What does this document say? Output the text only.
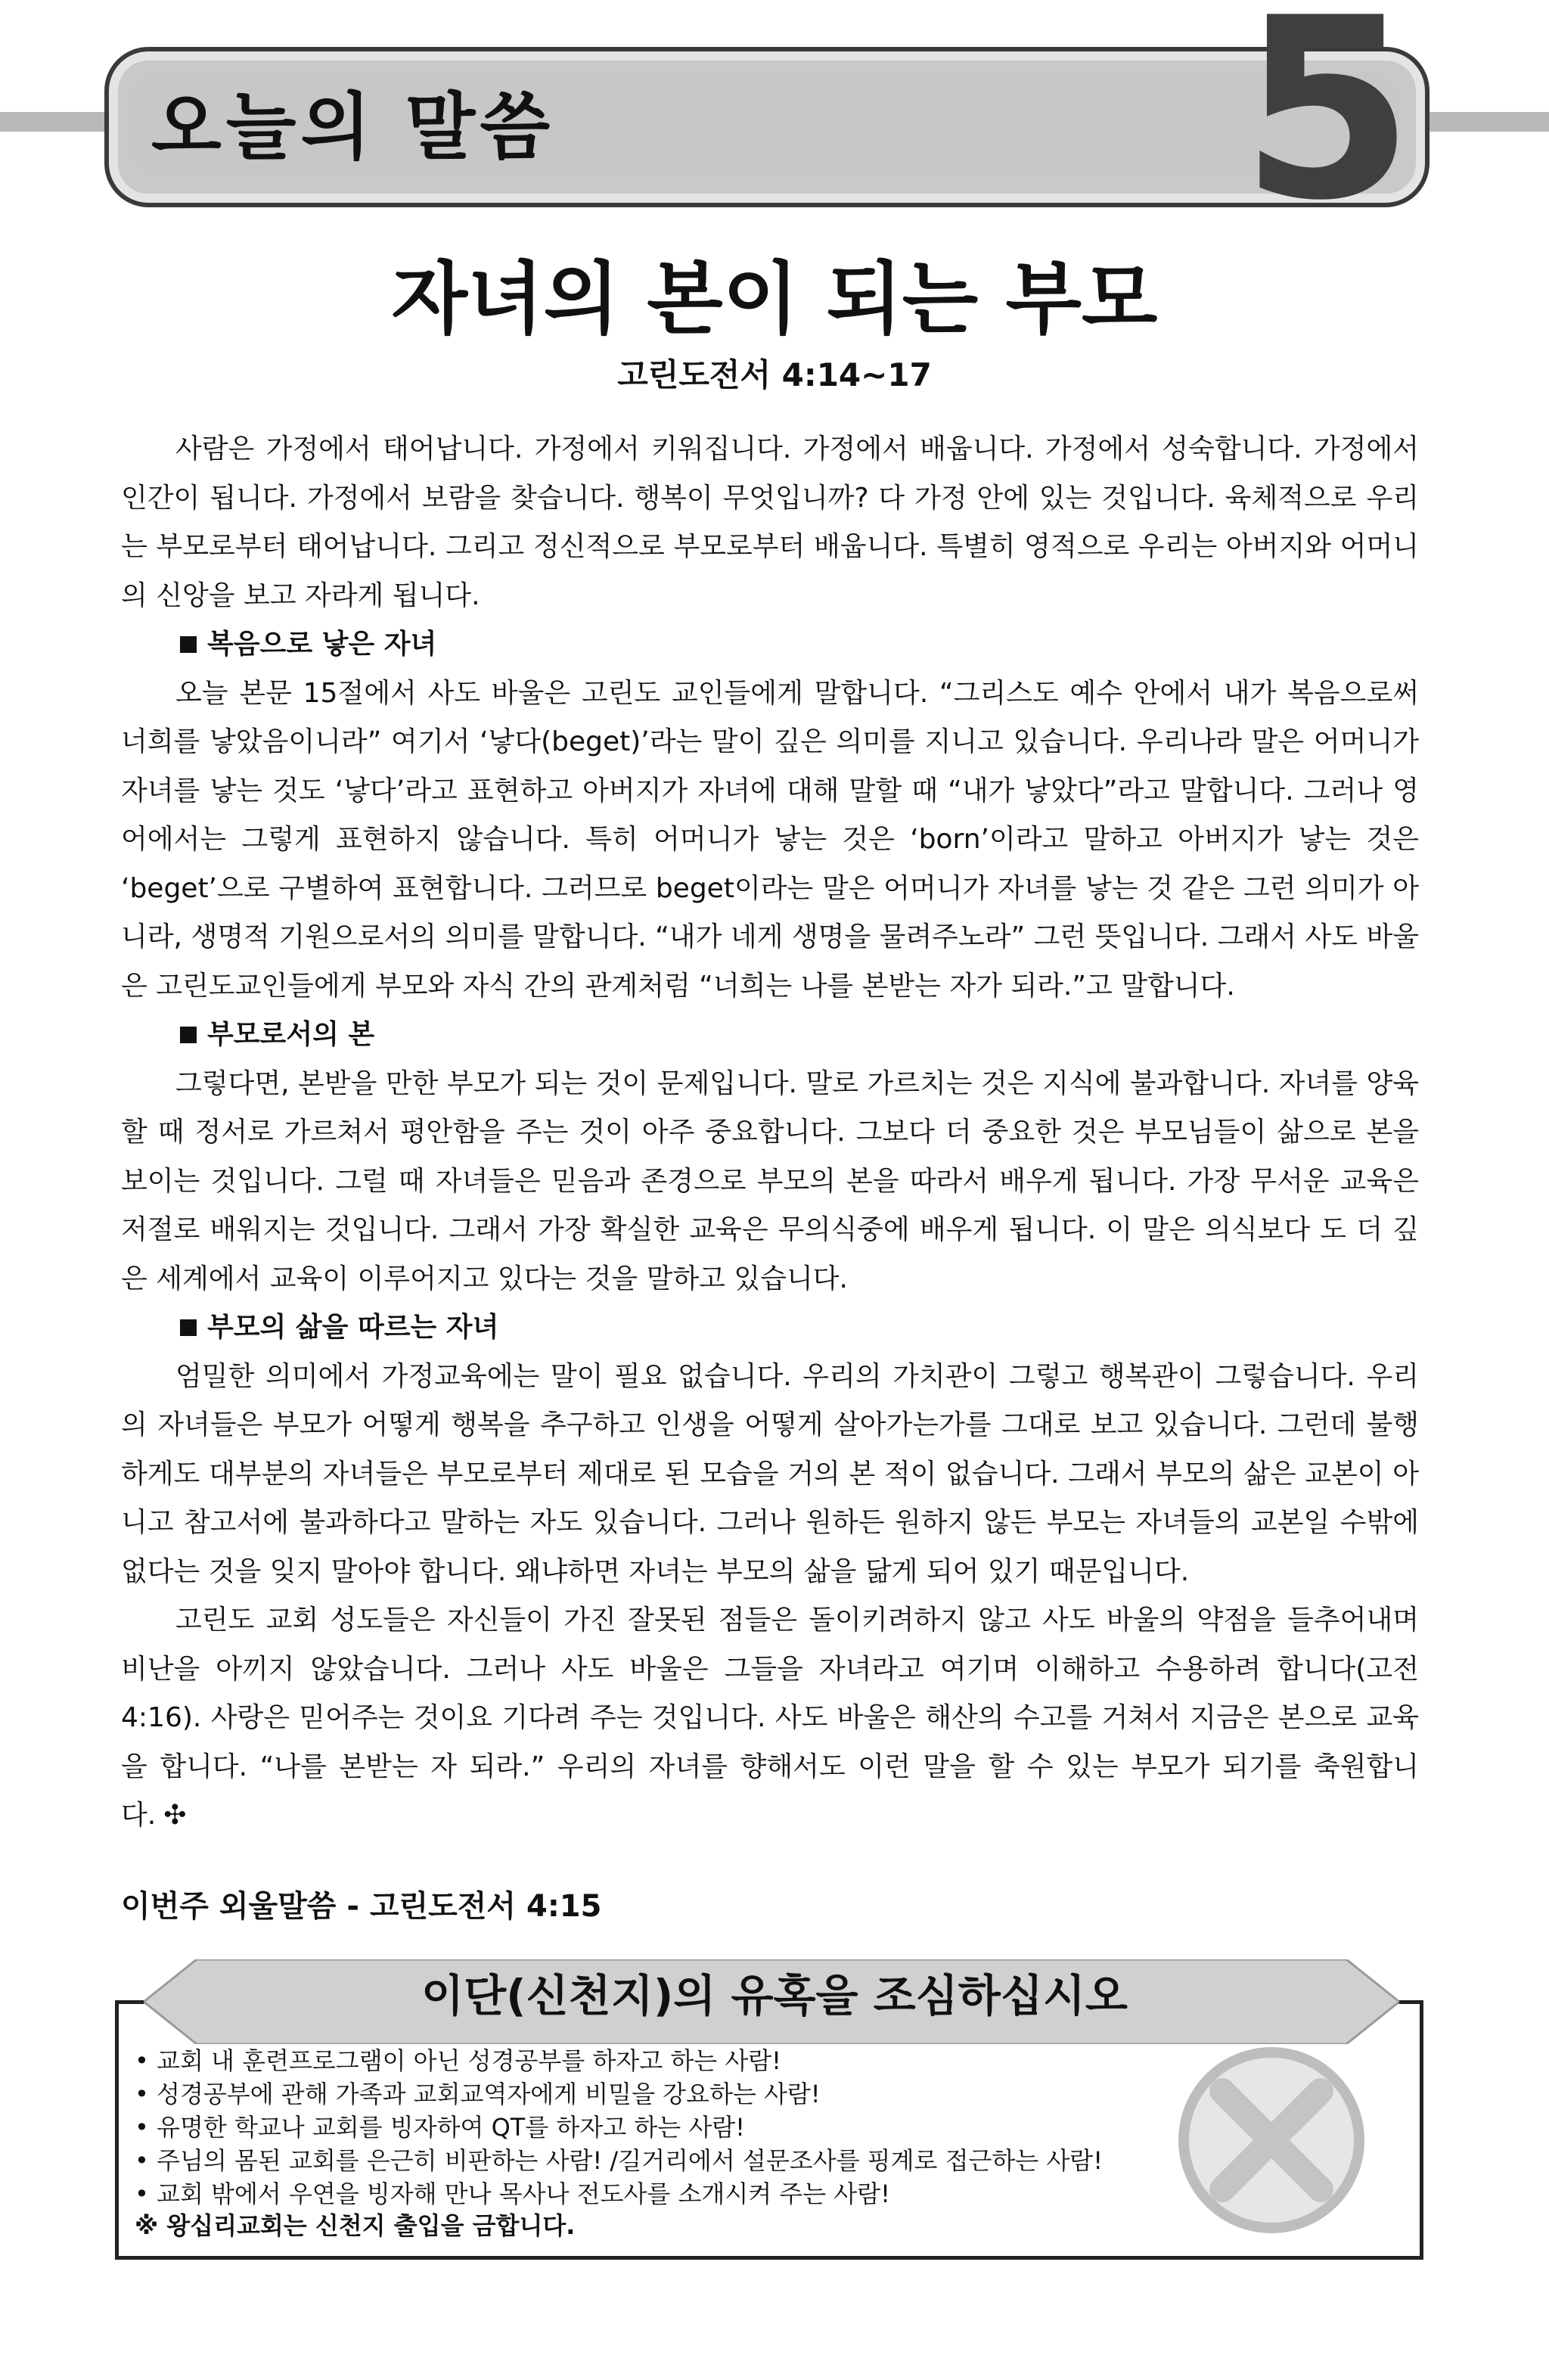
오늘의 말씀	5
자녀의 본이 되는 부모
고린도전서 4:14~17

사람은 가정에서 태어납니다. 가정에서 키워집니다. 가정에서 배웁니다. 가정에서 성숙합니다. 가정에서 인간이 됩니다. 가정에서 보람을 찾습니다. 행복이 무엇입니까? 다 가정 안에 있는 것입니다. 육체적으로 우리는 부모로부터 태어납니다. 그리고 정신적으로 부모로부터 배웁니다. 특별히 영적으로 우리는 아버지와 어머니의 신앙을 보고 자라게 됩니다.

복음으로 낳은 자녀

오늘 본문 15절에서 사도 바울은 고린도 교인들에게 말합니다. “그리스도 예수 안에서 내가 복음으로써 너희를 낳았음이니라” 여기서 ‘낳다(beget)’라는 말이 깊은 의미를 지니고 있습니다. 우리나라 말은 어머니가 자녀를 낳는 것도 ‘낳다’라고 표현하고 아버지가 자녀에 대해 말할 때 “내가 낳았다”라고 말합니다. 그러나 영어에서는 그렇게 표현하지 않습니다. 특히 어머니가 낳는 것은 ‘born’이라고 말하고 아버지가 낳는 것은 ‘beget’으로 구별하여 표현합니다. 그러므로 beget이라는 말은 어머니가 자녀를 낳는 것 같은 그런 의미가 아니라, 생명적 기원으로서의 의미를 말합니다. “내가 네게 생명을 물려주노라” 그런 뜻입니다. 그래서 사도 바울은 고린도교인들에게 부모와 자식 간의 관계처럼 “너희는 나를 본받는 자가 되라.”고 말합니다.

부모로서의 본

그렇다면, 본받을 만한 부모가 되는 것이 문제입니다. 말로 가르치는 것은 지식에 불과합니다. 자녀를 양육할 때 정서로 가르쳐서 평안함을 주는 것이 아주 중요합니다. 그보다 더 중요한 것은 부모님들이 삶으로 본을 보이는 것입니다. 그럴 때 자녀들은 믿음과 존경으로 부모의 본을 따라서 배우게 됩니다. 가장 무서운 교육은 저절로 배워지는 것입니다. 그래서 가장 확실한 교육은 무의식중에 배우게 됩니다. 이 말은 의식보다 도 더 깊은 세계에서 교육이 이루어지고 있다는 것을 말하고 있습니다.

부모의 삶을 따르는 자녀

엄밀한 의미에서 가정교육에는 말이 필요 없습니다. 우리의 가치관이 그렇고 행복관이 그렇습니다. 우리의 자녀들은 부모가 어떻게 행복을 추구하고 인생을 어떻게 살아가는가를 그대로 보고 있습니다. 그런데 불행하게도 대부분의 자녀들은 부모로부터 제대로 된 모습을 거의 본 적이 없습니다. 그래서 부모의 삶은 교본이 아니고 참고서에 불과하다고 말하는 자도 있습니다. 그러나 원하든 원하지 않든 부모는 자녀들의 교본일 수밖에 없다는 것을 잊지 말아야 합니다. 왜냐하면 자녀는 부모의 삶을 닮게 되어 있기 때문입니다.

고린도 교회 성도들은 자신들이 가진 잘못된 점들은 돌이키려하지 않고 사도 바울의 약점을 들추어내며 비난을 아끼지 않았습니다. 그러나 사도 바울은 그들을 자녀라고 여기며 이해하고 수용하려 합니다(고전 4:16). 사랑은 믿어주는 것이요 기다려 주는 것입니다. 사도 바울은 해산의 수고를 거쳐서 지금은 본으로 교육을 합니다. “나를 본받는 자 되라.” 우리의 자녀를 향해서도 이런 말을 할 수 있는 부모가 되기를 축원합니다. ✣

이번주 외울말씀 - 고린도전서 4:15
이단(신천지)의 유혹을 조심하십시오
• 교회 내 훈련프로그램이 아닌 성경공부를 하자고 하는 사람!
• 성경공부에 관해 가족과 교회교역자에게 비밀을 강요하는 사람!
• 유명한 학교나 교회를 빙자하여 QT를 하자고 하는 사람!
• 주님의 몸된 교회를 은근히 비판하는 사람! /길거리에서 설문조사를 핑계로 접근하는 사람!
• 교회 밖에서 우연을 빙자해 만나 목사나 전도사를 소개시켜 주는 사람!
※ 왕십리교회는 신천지 출입을 금합니다.
